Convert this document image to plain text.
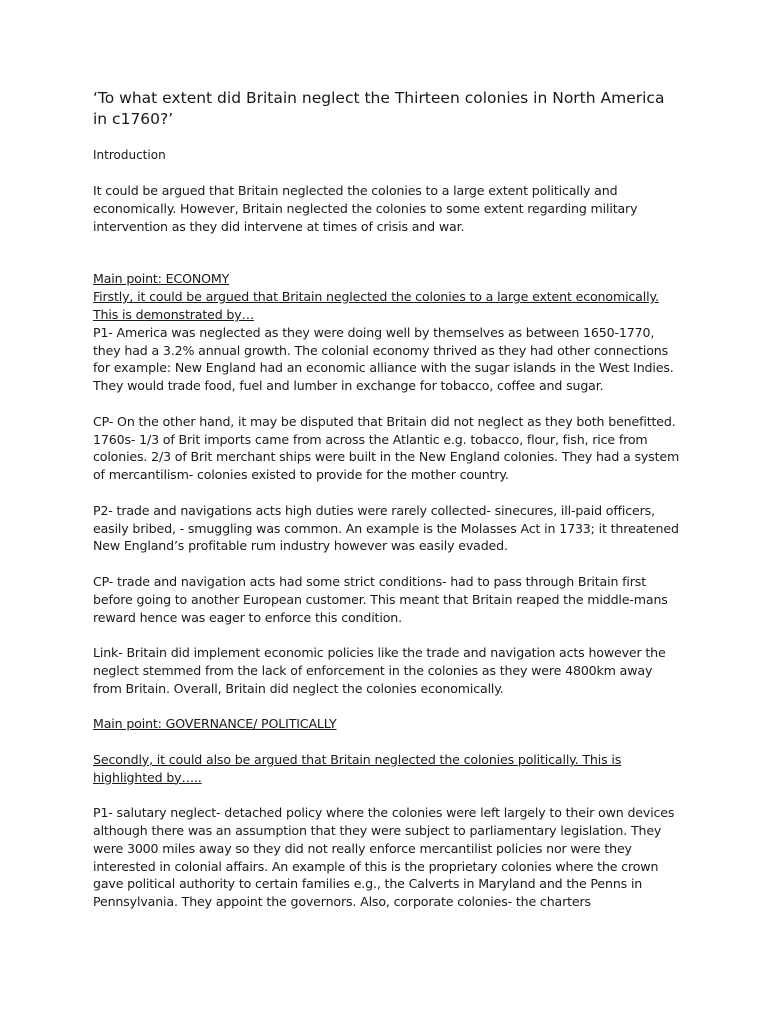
‘To what extent did Britain neglect the Thirteen colonies in North America in c1760?’
Introduction

It could be argued that Britain neglected the colonies to a large extent politically and economically. However, Britain neglected the colonies to some extent regarding military intervention as they did intervene at times of crisis and war.

Main point: ECONOMY

Firstly, it could be argued that Britain neglected the colonies to a large extent economically. This is demonstrated by…

P1- America was neglected as they were doing well by themselves as between 1650-1770, they had a 3.2% annual growth. The colonial economy thrived as they had other connections for example: New England had an economic alliance with the sugar islands in the West Indies. They would trade food, fuel and lumber in exchange for tobacco, coffee and sugar.

CP- On the other hand, it may be disputed that Britain did not neglect as they both benefitted. 1760s- 1/3 of Brit imports came from across the Atlantic e.g. tobacco, flour, fish, rice from colonies. 2/3 of Brit merchant ships were built in the New England colonies. They had a system of mercantilism- colonies existed to provide for the mother country.

P2- trade and navigations acts high duties were rarely collected- sinecures, ill-paid officers, easily bribed, - smuggling was common. An example is the Molasses Act in 1733; it threatened New England’s profitable rum industry however was easily evaded.

CP- trade and navigation acts had some strict conditions- had to pass through Britain first before going to another European customer. This meant that Britain reaped the middle-mans reward hence was eager to enforce this condition.

Link- Britain did implement economic policies like the trade and navigation acts however the neglect stemmed from the lack of enforcement in the colonies as they were 4800km away from Britain. Overall, Britain did neglect the colonies economically.

Main point: GOVERNANCE/ POLITICALLY

Secondly, it could also be argued that Britain neglected the colonies politically. This is highlighted by…..

P1- salutary neglect- detached policy where the colonies were left largely to their own devices although there was an assumption that they were subject to parliamentary legislation. They were 3000 miles away so they did not really enforce mercantilist policies nor were they interested in colonial affairs. An example of this is the proprietary colonies where the crown gave political authority to certain families e.g., the Calverts in Maryland and the Penns in Pennsylvania. They appoint the governors. Also, corporate colonies- the charters
